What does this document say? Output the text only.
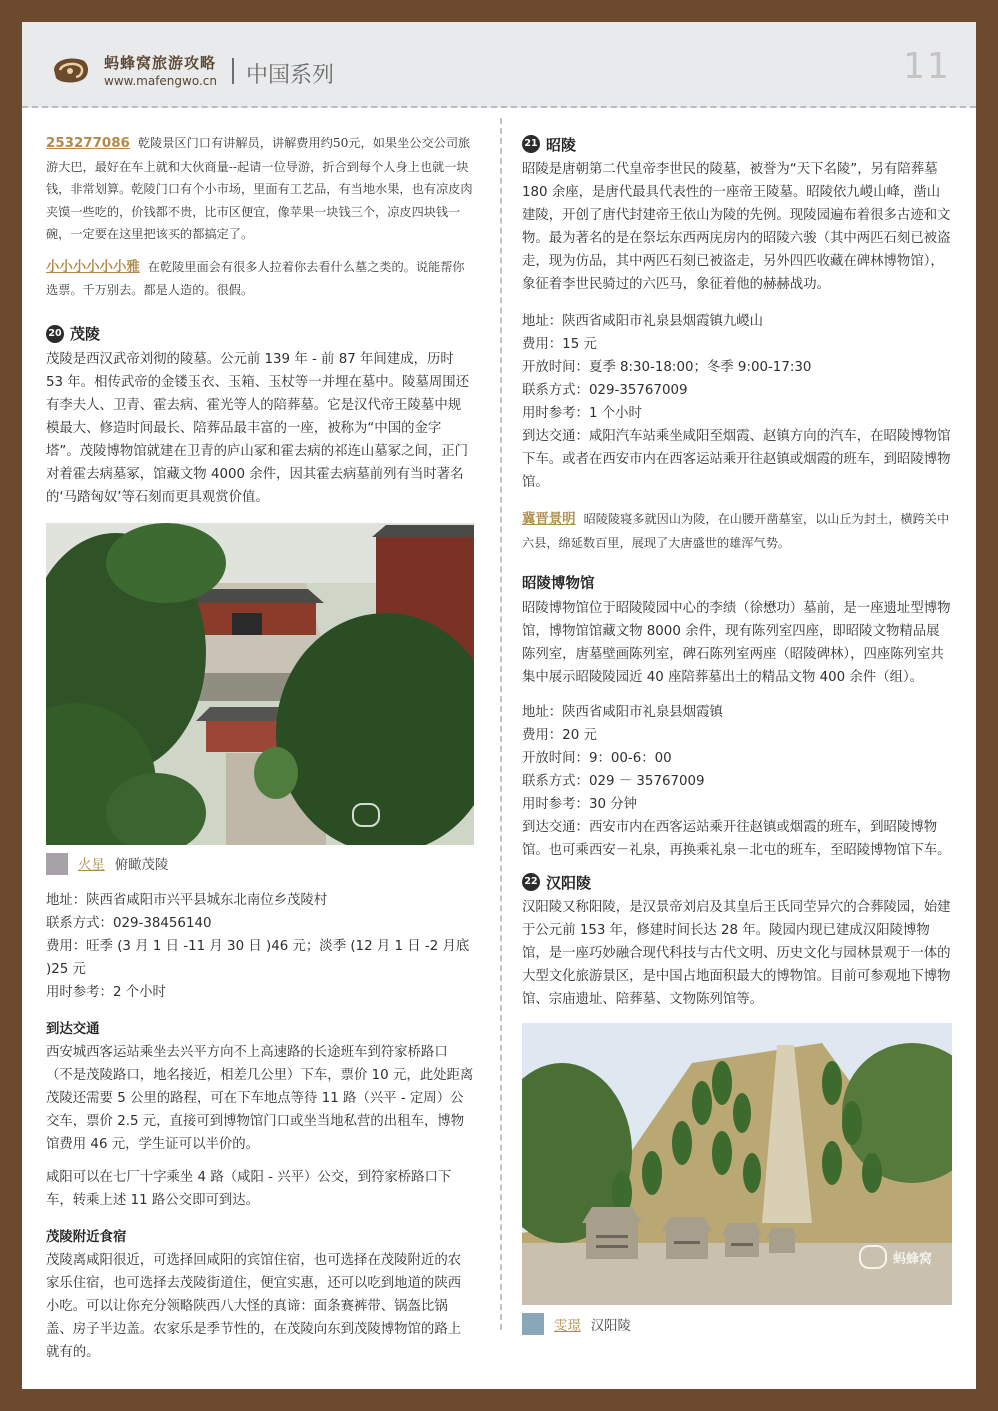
蚂蜂窝旅游攻略
www.mafengwo.cn 中国系列	11

253277086 乾陵景区门口有讲解员，讲解费用约50元，如果坐公交公司旅游大巴，最好在车上就和大伙商量--起请一位导游，折合到每个人身上也就一块钱，非常划算。乾陵门口有个小市场，里面有工艺品，有当地水果，也有凉皮肉夹馍一些吃的，价钱都不贵，比市区便宜，像苹果一块钱三个，凉皮四块钱一碗，一定要在这里把该买的都搞定了。

小小小小小小雅 在乾陵里面会有很多人拉着你去看什么墓之类的。说能帮你选票。千万别去。都是人造的。很假。

20 茂陵

茂陵是西汉武帝刘彻的陵墓。公元前 139 年 - 前 87 年间建成，历时 53 年。相传武帝的金镂玉衣、玉箱、玉杖等一并埋在墓中。陵墓周围还有李夫人、卫青、霍去病、霍光等人的陪葬墓。它是汉代帝王陵墓中规模最大、修造时间最长、陪葬品最丰富的一座，被称为“中国的金字塔”。茂陵博物馆就建在卫青的庐山冢和霍去病的祁连山墓冢之间，正门对着霍去病墓冢，馆藏文物 4000 余件，因其霍去病墓前列有当时著名的‘马踏匈奴’等石刻而更具观赏价值。

火星 俯瞰茂陵

地址：陕西省咸阳市兴平县城东北南位乡茂陵村

联系方式：029-38456140

费用：旺季 (3 月 1 日 -11 月 30 日 )46 元；淡季 (12 月 1 日 -2 月底 )25 元

用时参考：2 个小时

到达交通

西安城西客运站乘坐去兴平方向不上高速路的长途班车到符家桥路口（不是茂陵路口，地名接近，相差几公里）下车，票价 10 元，此处距离茂陵还需要 5 公里的路程，可在下车地点等待 11 路（兴平 - 定周）公交车，票价 2.5 元，直接可到博物馆门口或坐当地私营的出租车，博物馆费用 46 元，学生证可以半价的。

咸阳可以在七厂十字乘坐 4 路（咸阳 - 兴平）公交，到符家桥路口下车，转乘上述 11 路公交即可到达。

茂陵附近食宿

茂陵离咸阳很近，可选择回咸阳的宾馆住宿，也可选择在茂陵附近的农家乐住宿，也可选择去茂陵街道住，便宜实惠，还可以吃到地道的陕西小吃。可以让你充分领略陕西八大怪的真谛：面条赛裤带、锅盔比锅盖、房子半边盖。农家乐是季节性的，在茂陵向东到茂陵博物馆的路上就有的。

21 昭陵

昭陵是唐朝第二代皇帝李世民的陵墓，被誉为“天下名陵”，另有陪葬墓 180 余座，是唐代最具代表性的一座帝王陵墓。昭陵依九嵕山峰，凿山建陵，开创了唐代封建帝王依山为陵的先例。现陵园遍布着很多古迹和文物。最为著名的是在祭坛东西两庑房内的昭陵六骏（其中两匹石刻已被盗走，现为仿品，其中两匹石刻已被盗走，另外四匹收藏在碑林博物馆），象征着李世民骑过的六匹马，象征着他的赫赫战功。

地址：陕西省咸阳市礼泉县烟霞镇九嵕山

费用：15 元

开放时间：夏季 8:30-18:00；冬季 9:00-17:30

联系方式：029-35767009

用时参考：1 个小时

到达交通：咸阳汽车站乘坐咸阳至烟霞、赵镇方向的汽车，在昭陵博物馆下车。或者在西安市内在西客运站乘开往赵镇或烟霞的班车，到昭陵博物馆。

冀晋景明 昭陵陵寝多就因山为陵，在山腰开凿墓室，以山丘为封土，横跨关中六县，绵延数百里，展现了大唐盛世的雄浑气势。

昭陵博物馆

昭陵博物馆位于昭陵陵园中心的李绩（徐懋功）墓前，是一座遗址型博物馆，博物馆馆藏文物 8000 余件，现有陈列室四座，即昭陵文物精品展陈列室，唐墓壁画陈列室，碑石陈列室两座（昭陵碑林），四座陈列室共集中展示昭陵陵园近 40 座陪葬墓出土的精品文物 400 余件（组）。

地址：陕西省咸阳市礼泉县烟霞镇

费用：20 元

开放时间：9：00-6：00

联系方式：029 － 35767009

用时参考：30 分钟

到达交通：西安市内在西客运站乘开往赵镇或烟霞的班车，到昭陵博物馆。也可乘西安－礼泉，再换乘礼泉－北屯的班车，至昭陵博物馆下车。

22 汉阳陵

汉阳陵又称阳陵，是汉景帝刘启及其皇后王氏同茔异穴的合葬陵园，始建于公元前 153 年，修建时间长达 28 年。陵园内现已建成汉阳陵博物馆，是一座巧妙融合现代科技与古代文明、历史文化与园林景观于一体的大型文化旅游景区，是中国占地面积最大的博物馆。目前可参观地下博物馆、宗庙遗址、陪葬墓、文物陈列馆等。

蚂蜂窝
雯璟 汉阳陵
